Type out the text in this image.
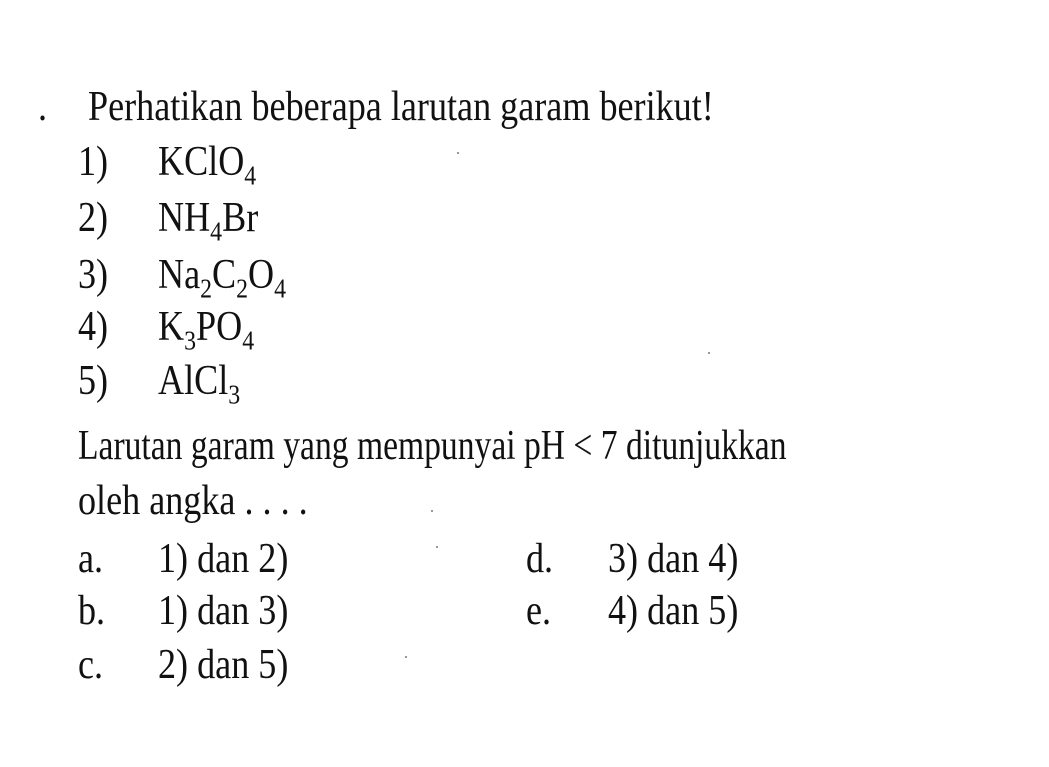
. Perhatikan beberapa larutan garam berikut!
1) KClO$_4$
2) $NH_4Br$
3) $Na_2C_2O_4$
4) $K_3PO_4$
5) AlCl$_3$
Larutan garam yang mempunyai pH < 7 ditunjukkan
oleh angka . . . .
a. 1) dan 2)
b. 1) dan 3)
c. 2) dan 5)
d. 3) dan 4)
e. 4) dan 5)
